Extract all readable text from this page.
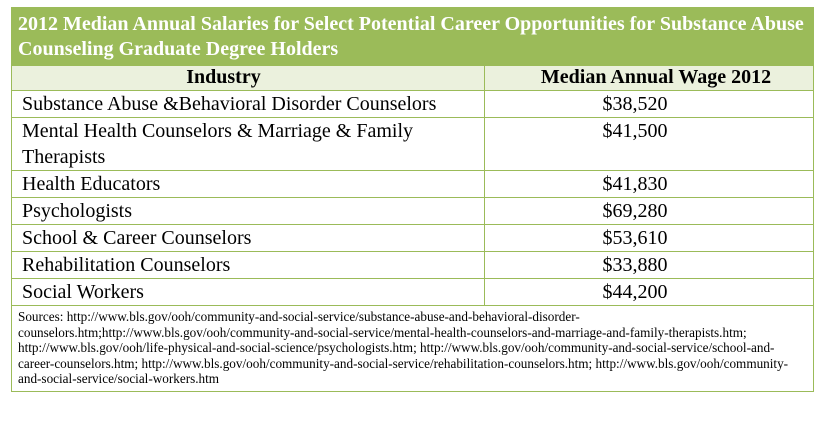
2012 Median Annual Salaries for Select Potential Career Opportunities for Substance Abuse Counseling Graduate Degree Holders	
Industry	Median Annual Wage 2012
Substance Abuse &Behavioral Disorder Counselors	$38,520
Mental Health Counselors & Marriage & Family Therapists	$41,500
Health Educators	$41,830
Psychologists	$69,280
School & Career Counselors	$53,610
Rehabilitation Counselors	$33,880
Social Workers	$44,200
Sources: http://www.bls.gov/ooh/community-and-social-service/substance-abuse-and-behavioral-disorder-counselors.htm;http://www.bls.gov/ooh/community-and-social-service/mental-health-counselors-and-marriage-and-family-therapists.htm; http://www.bls.gov/ooh/life-physical-and-social-science/psychologists.htm; http://www.bls.gov/ooh/community-and-social-service/school-and-career-counselors.htm; http://www.bls.gov/ooh/community-and-social-service/rehabilitation-counselors.htm; http://www.bls.gov/ooh/community-and-social-service/social-workers.htm	
